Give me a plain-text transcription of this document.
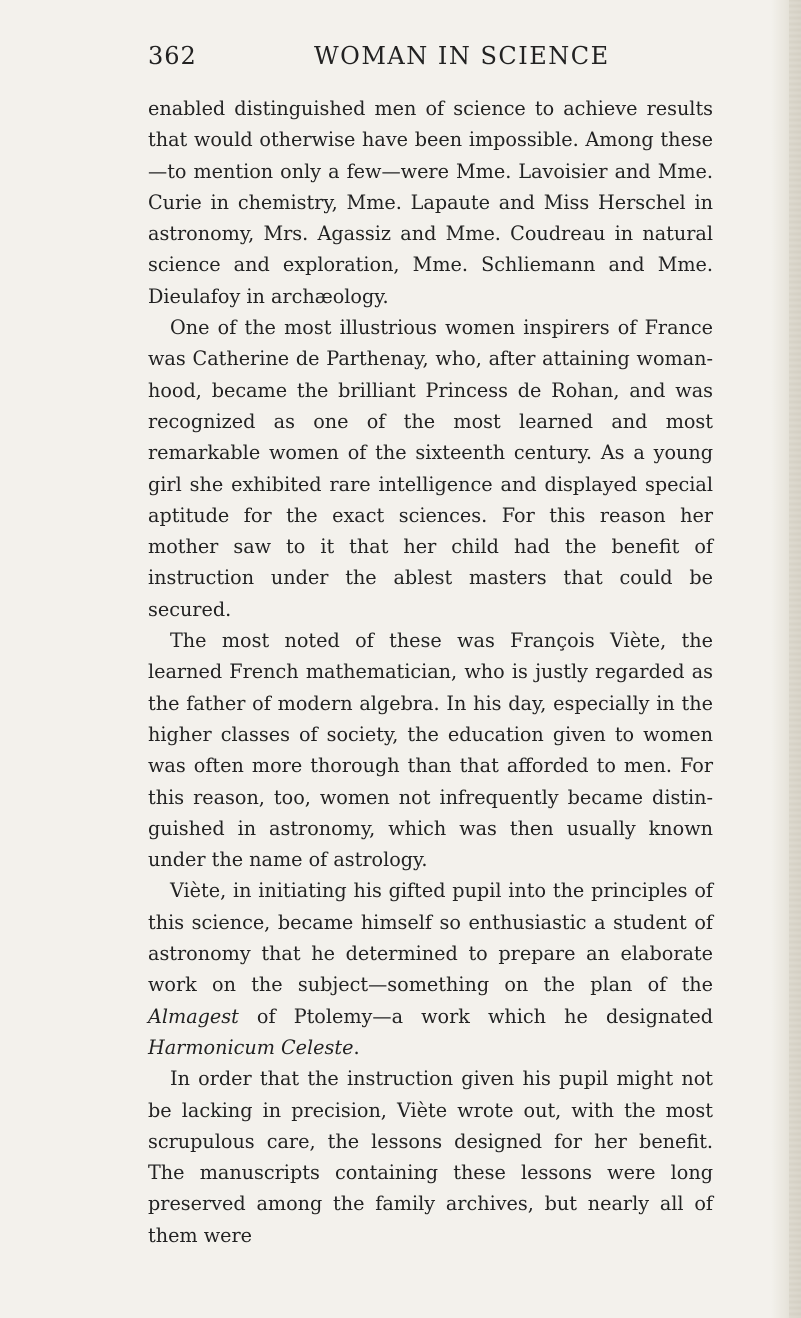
362	WOMAN IN SCIENCE

enabled distinguished men of science to achieve results that would otherwise have been impossible. Among these—to mention only a few—were Mme. Lavoisier and Mme. Curie in chemistry, Mme. Lapaute and Miss Herschel in astronomy, Mrs. Agassiz and Mme. Coudreau in natural science and exploration, Mme. Schliemann and Mme. Dieulafoy in archæology.

One of the most illustrious women inspirers of France was Catherine de Parthenay, who, after attaining womanhood, became the brilliant Princess de Rohan, and was recognized as one of the most learned and most remarkable women of the sixteenth century. As a young girl she exhibited rare intelligence and displayed special aptitude for the exact sciences. For this reason her mother saw to it that her child had the benefit of instruction under the ablest masters that could be secured.

The most noted of these was François Viète, the learned French mathematician, who is justly regarded as the father of modern algebra. In his day, especially in the higher classes of society, the education given to women was often more thorough than that afforded to men. For this reason, too, women not infrequently became distinguished in astronomy, which was then usually known under the name of astrology.

Viète, in initiating his gifted pupil into the principles of this science, became himself so enthusiastic a student of astronomy that he determined to prepare an elaborate work on the subject—something on the plan of the Almagest of Ptolemy—a work which he designated Harmonicum Celeste.

In order that the instruction given his pupil might not be lacking in precision, Viète wrote out, with the most scrupulous care, the lessons designed for her benefit. The manuscripts containing these lessons were long preserved among the family archives, but nearly all of them were
